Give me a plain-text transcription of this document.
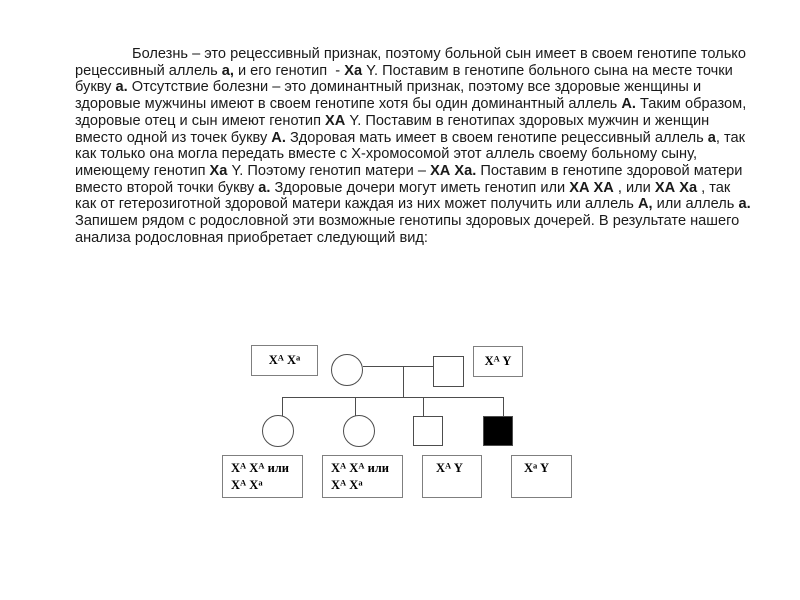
Болезнь – это рецессивный признак, поэтому больной сын имеет в своем генотипе только рецессивный аллель а, и его генотип  - Ха Y. Поставим в генотипе больного сына на месте точки букву а. Отсутствие болезни – это доминантный признак, поэтому все здоровые женщины и здоровые мужчины имеют в своем генотипе хотя бы один доминантный аллель А. Таким образом, здоровые отец и сын имеют генотип ХА Y. Поставим в генотипах здоровых мужчин и женщин вместо одной из точек букву А. Здоровая мать имеет в своем генотипе рецессивный аллель а, так как только она могла передать вместе с Х-хромосомой этот аллель своему больному сыну, имеющему генотип Ха Y. Поэтому генотип матери – ХА Ха. Поставим в генотипе здоровой матери вместо второй точки букву а. Здоровые дочери могут иметь генотип или ХА ХА , или ХА Ха , так как от гетерозиготной здоровой матери каждая из них может получить или аллель А, или аллель а. Запишем рядом с родословной эти возможные генотипы здоровых дочерей. В результате нашего анализа родословная приобретает следующий вид:

$X^A$ $X^a$	$X^A$ Y
$X^A$ $X^A$ или
$X^A$ $X^a$
$X^A$ $X^A$ или
$X^A$ $X^a$
$X^A$ Y	$X^a$ Y
